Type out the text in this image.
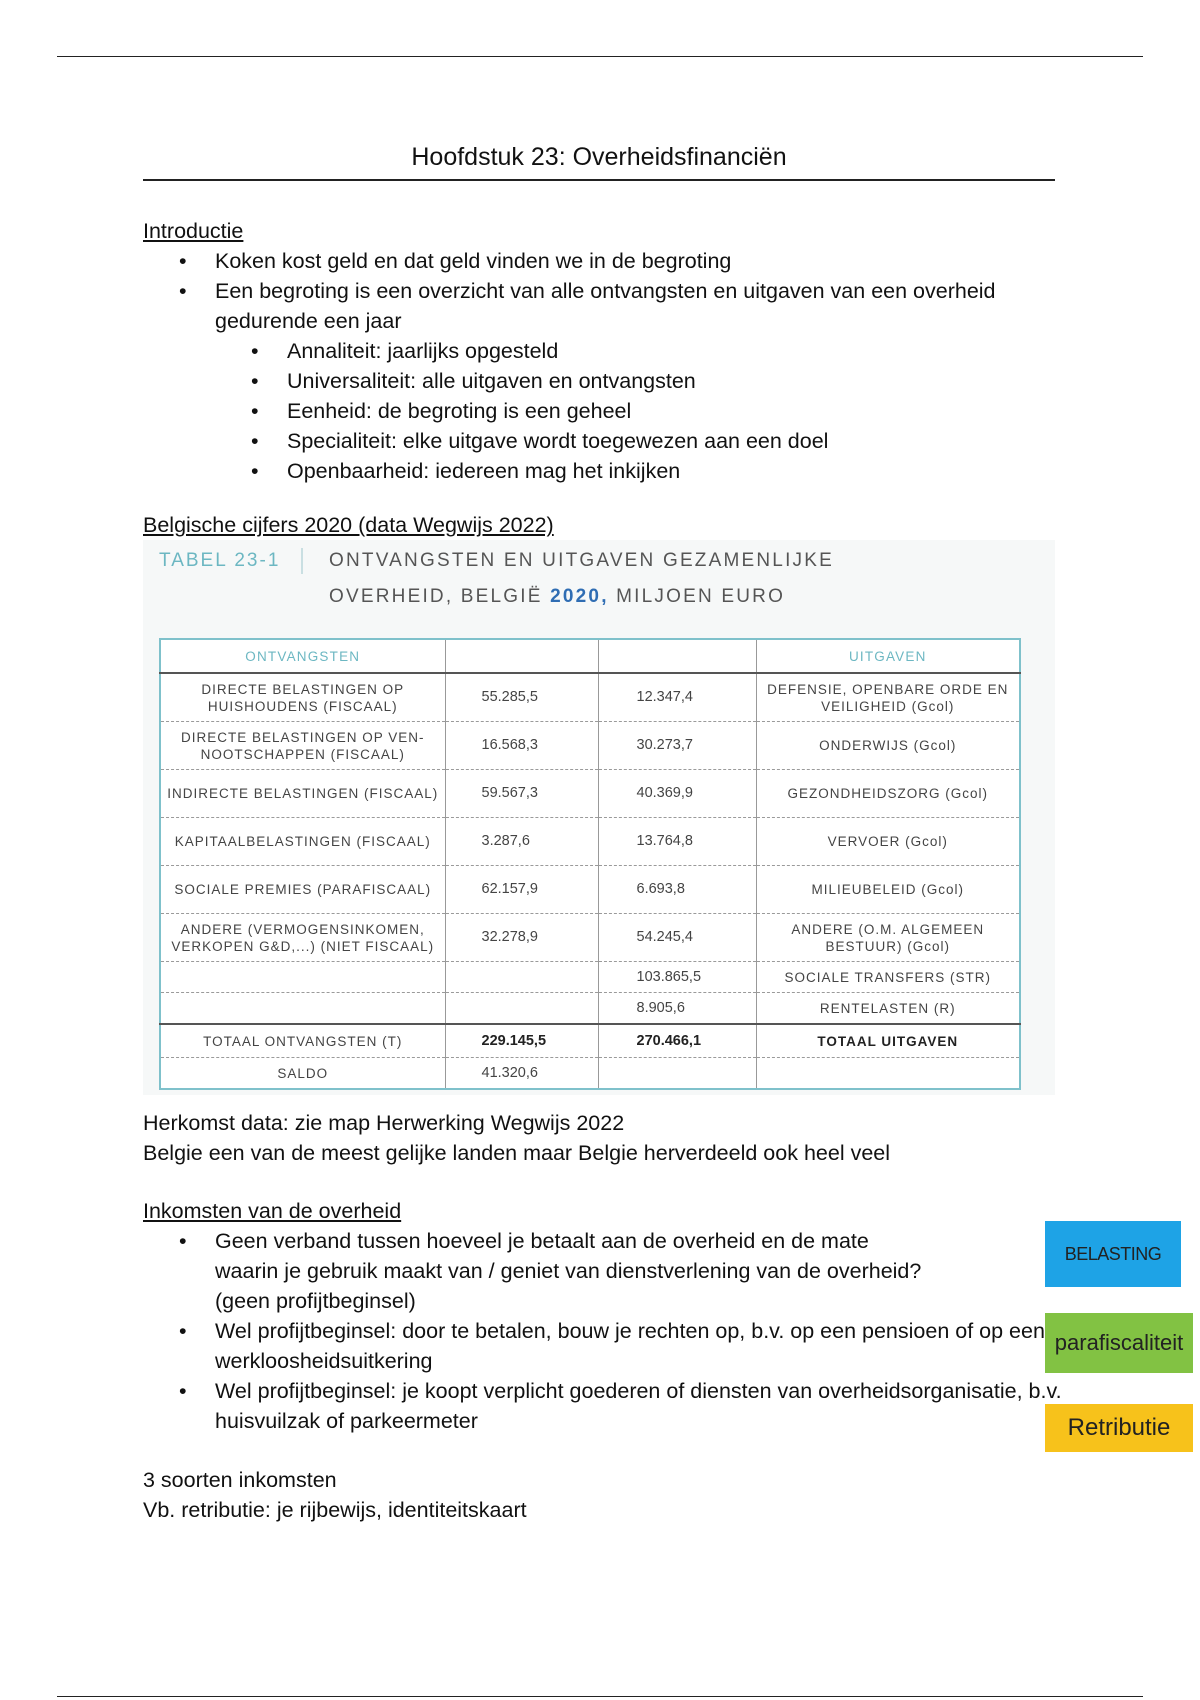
Hoofdstuk 23: Overheidsfinanciën
Introductie
• Koken kost geld en dat geld vinden we in de begroting
• Een begroting is een overzicht van alle ontvangsten en uitgaven van een overheid gedurende een jaar
• Annaliteit: jaarlijks opgesteld
• Universaliteit: alle uitgaven en ontvangsten
• Eenheid: de begroting is een geheel
• Specialiteit: elke uitgave wordt toegewezen aan een doel
• Openbaarheid: iedereen mag het inkijken
Belgische cijfers 2020 (data Wegwijs 2022)
TABEL 23-1	ONTVANGSTEN EN UITGAVEN GEZAMENLIJKE
OVERHEID, BELGIË 2020, MILJOEN EURO
ONTVANGSTEN			UITGAVEN
DIRECTE BELASTINGEN OP HUISHOUDENS (FISCAAL)	55.285,5	12.347,4	DEFENSIE, OPENBARE ORDE EN VEILIGHEID (Gcol)
DIRECTE BELASTINGEN OP VEN-NOOTSCHAPPEN (FISCAAL)	16.568,3	30.273,7	ONDERWIJS (Gcol)
INDIRECTE BELASTINGEN (FISCAAL)	59.567,3	40.369,9	GEZONDHEIDSZORG (Gcol)
KAPITAALBELASTINGEN (FISCAAL)	3.287,6	13.764,8	VERVOER (Gcol)
SOCIALE PREMIES (PARAFISCAAL)	62.157,9	6.693,8	MILIEUBELEID (Gcol)
ANDERE (VERMOGENSINKOMEN, VERKOPEN G&D,...) (NIET FISCAAL)	32.278,9	54.245,4	ANDERE (O.M. ALGEMEEN BESTUUR) (Gcol)
		103.865,5	SOCIALE TRANSFERS (STR)
		8.905,6	RENTELASTEN (R)
TOTAAL ONTVANGSTEN (T)	229.145,5	270.466,1	TOTAAL UITGAVEN
SALDO	41.320,6		
Herkomst data: zie map Herwerking Wegwijs 2022
Belgie een van de meest gelijke landen maar Belgie herverdeeld ook heel veel
Inkomsten van de overheid
• Geen verband tussen hoeveel je betaalt aan de overheid en de mate waarin je gebruik maakt van / geniet van dienstverlening van de overheid? (geen profijtbeginsel)
• Wel profijtbeginsel: door te betalen, bouw je rechten op, b.v. op een pensioen of op een werkloosheidsuitkering
• Wel profijtbeginsel: je koopt verplicht goederen of diensten van overheidsorganisatie, b.v. huisvuilzak of parkeermeter
BELASTING
parafiscaliteit
Retributie
3 soorten inkomsten
Vb. retributie: je rijbewijs, identiteitskaart
